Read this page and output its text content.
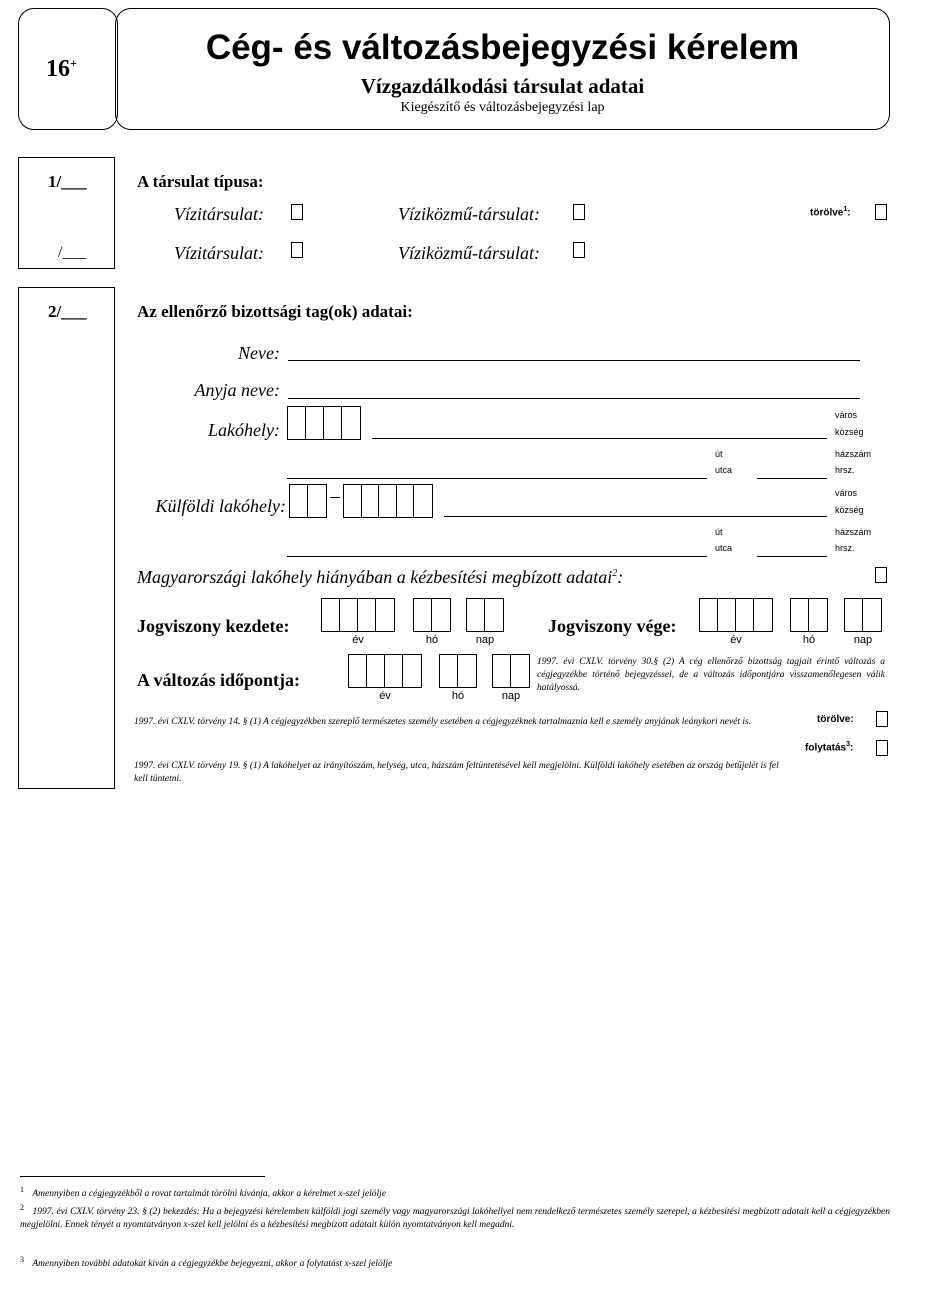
16+	Cég- és változásbejegyzési kérelem
Vízgazdálkodási társulat adatai
Kiegészítő és változásbejegyzési lap
1/___
/___
A társulat típusa:
Vízitársulat:	Víziközmű-társulat:	törölve$^1$:
Vízitársulat:	Víziközmű-társulat:
2/___	Az ellenőrző bizottsági tag(ok) adatai:
Neve:
Anyja neve:
Lakóhely:
város
község
út
utca
házszám
hrsz.
Külföldi lakóhely:
város
község
út
utca
házszám
hrsz.
Magyarországi lakóhely hiányában a kézbesítési megbízott adatai$^2$:
Jogviszony kezdete:
év	hó	nap
Jogviszony vége:
év	hó	nap
A változás időpontja:
év	hó	nap
1997. évi CXLV. törvény 30.§ (2) A cég ellenőrző bizottság tagjait érintő változás a cégjegyzékbe történő bejegyzéssel, de a változás időpontjára visszamenőlegesen válik hatályossá.
1997. évi CXLV. törvény 14. § (1) A cégjegyzékben szereplő természetes személy esetében a cégjegyzéknek tartalmaznia kell e személy anyjának leánykori nevét is.
1997. évi CXLV. törvény 19. § (1) A lakóhelyet az irányítószám, helység, utca, házszám feltüntetésével kell megjelölni. Külföldi lakóhely esetében az ország betűjelét is fel kell tüntetni.
törölve:
folytatás$^3$:
$^1$ Amennyiben a cégjegyzékből a rovat tartalmát törölni kívánja, akkor a kérelmet x-szel jelölje
$^2$ 1997. évi CXLV. törvény 23. § (2) bekezdés: Ha a bejegyzési kérelemben külföldi jogi személy vagy magyarországi lakóhellyel nem rendelkező természetes személy szerepel, a kézbesítési megbízott adatait kell a cégjegyzékben megjelölni. Ennek tényét a nyomtatványon x-szel kell jelölni és a kézbesítési megbízott adatait külön nyomtatványon kell megadni.
$^3$ Amennyiben további adatokat kíván a cégjegyzékbe bejegyezni, akkor a folytatást x-szel jelölje
